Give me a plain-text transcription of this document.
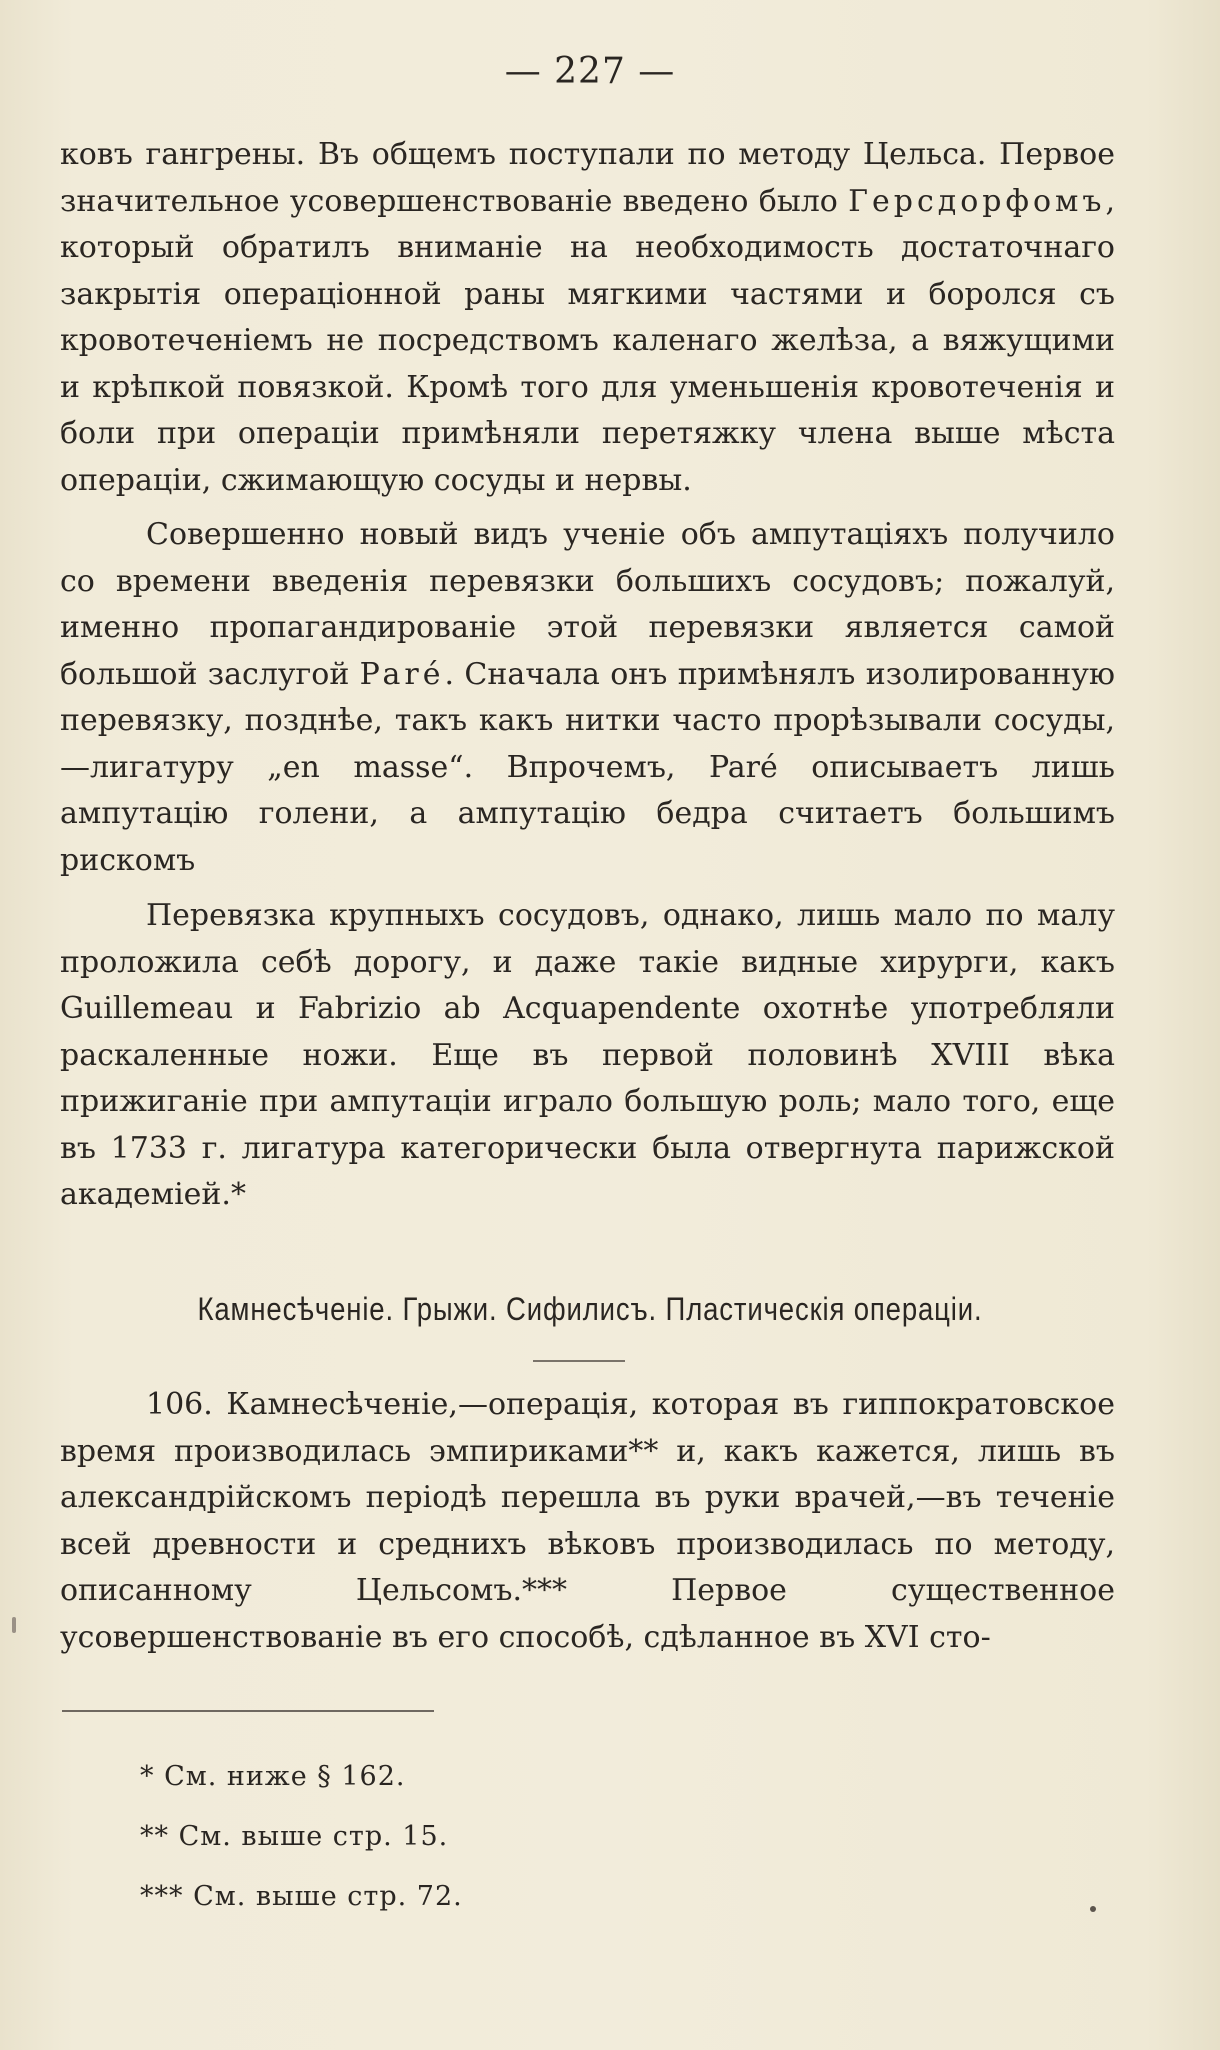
— 227 —
ковъ гангрены. Въ общемъ поступали по методу Цельса. Первое значительное усовершенствованіе введено было Герсдорфомъ, который обратилъ вниманіе на необходимость достаточнаго закрытія операціонной раны мягкими частями и боролся съ кровотеченіемъ не посредствомъ каленаго желѣза, а вяжущими и крѣпкой повязкой. Кромѣ того для уменьшенія кровотеченія и боли при операціи примѣняли перетяжку члена выше мѣста операціи, сжимающую сосуды и нервы.
Совершенно новый видъ ученіе объ ампутаціяхъ получило со времени введенія перевязки большихъ сосудовъ; пожалуй, именно пропагандированіе этой перевязки является самой большой заслугой Paré. Сначала онъ примѣнялъ изолированную перевязку, позднѣе, такъ какъ нитки часто прорѣзывали сосуды,—лигатуру „en masse“. Впрочемъ, Paré описываетъ лишь ампутацію голени, а ампутацію бедра считаетъ большимъ рискомъ
Перевязка крупныхъ сосудовъ, однако, лишь мало по малу проложила себѣ дорогу, и даже такіе видные хирурги, какъ Guillemeau и Fabrizio ab Acquapendente охотнѣе употребляли раскаленные ножи. Еще въ первой половинѣ XVIII вѣка прижиганіе при ампутаціи играло большую роль; мало того, еще въ 1733 г. лигатура категорически была отвергнута парижской академіей.*
Камнесѣченіе. Грыжи. Сифилисъ. Пластическія операціи.
106. Камнесѣченіе,—операція, которая въ гиппократовское время производилась эмпириками** и, какъ кажется, лишь въ александрійскомъ періодѣ перешла въ руки врачей,—въ теченіе всей древности и среднихъ вѣковъ производилась по методу, описанному Цельсомъ.*** Первое существенное усовершенствованіе въ его способѣ, сдѣланное въ XVI сто-
* См. ниже § 162.
** См. выше стр. 15.
*** См. выше стр. 72.
